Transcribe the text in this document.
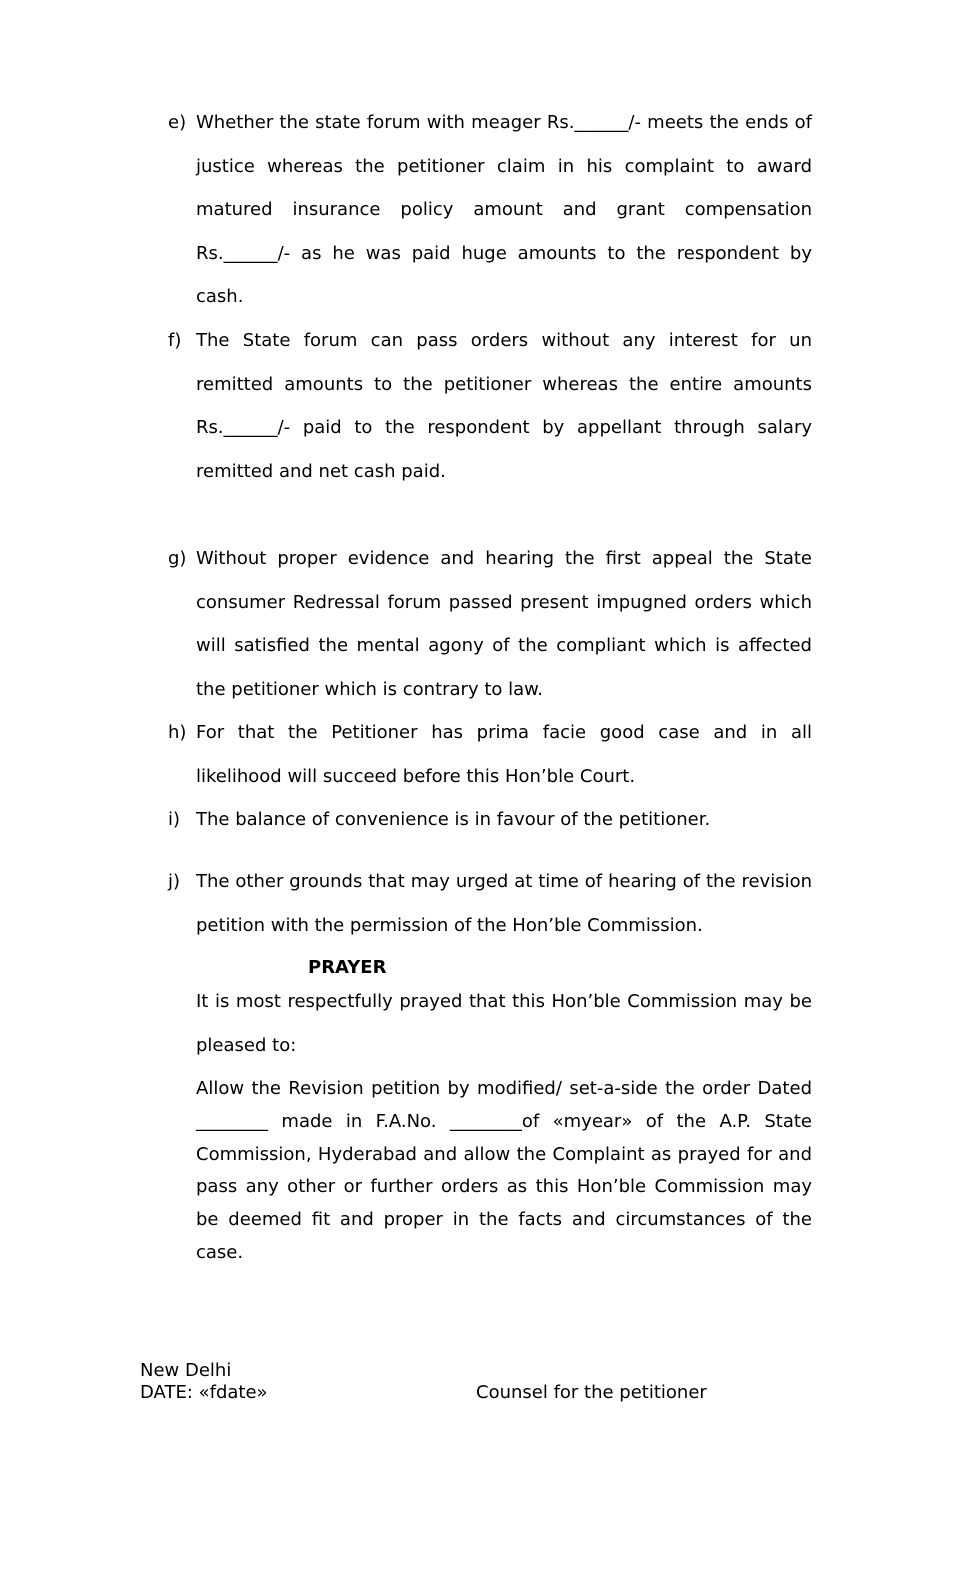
e) Whether the state forum with meager Rs.______/- meets the ends of justice whereas the petitioner claim in his complaint to award matured insurance policy amount and grant compensation Rs.______/- as he was paid huge amounts to the respondent by cash.
f) The State forum can pass orders without any interest for un remitted amounts to the petitioner whereas the entire amounts Rs.______/- paid to the respondent by appellant through salary remitted and net cash paid.
g) Without proper evidence and hearing the first appeal the State consumer Redressal forum passed present impugned orders which will satisfied the mental agony of the compliant which is affected the petitioner which is contrary to law.
h) For that the Petitioner has prima facie good case and in all likelihood will succeed before this Hon’ble Court.
i) The balance of convenience is in favour of the petitioner.
j) The other grounds that may urged at time of hearing of the revision petition with the permission of the Hon’ble Commission.
PRAYER
It is most respectfully prayed that this Hon’ble Commission may be pleased to:
Allow the Revision petition by modified/ set-a-side the order Dated ________ made in F.A.No. ________of «myear» of the A.P. State Commission, Hyderabad and allow the Complaint as prayed for and pass any other or further orders as this Hon’ble Commission may be deemed fit and proper in the facts and circumstances of the case.
New Delhi
DATE: «fdate»	Counsel for the petitioner
